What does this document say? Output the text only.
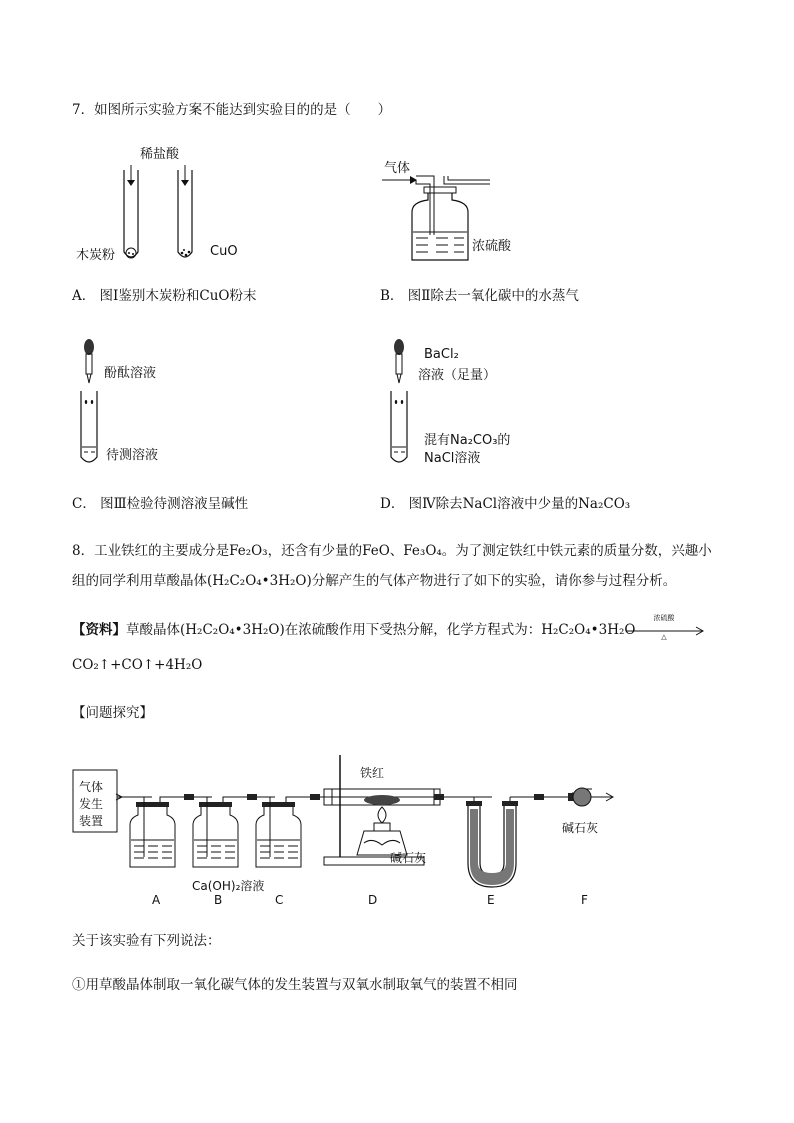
7．如图所示实验方案不能达到实验目的的是（　　）
稀盐酸
木炭粉	CuO
气体
浓硫酸
A． 图Ⅰ鉴别木炭粉和CuO粉末	B． 图Ⅱ除去一氧化碳中的水蒸气
酚酞溶液
待测溶液
BaCl₂
溶液（足量）
混有Na₂CO₃的
NaCl溶液
C． 图Ⅲ检验待测溶液呈碱性	D． 图Ⅳ除去NaCl溶液中少量的Na₂CO₃
8．工业铁红的主要成分是Fe₂O₃，还含有少量的FeO、Fe₃O₄。为了测定铁红中铁元素的质量分数，兴趣小
组的同学利用草酸晶体(H₂C₂O₄•3H₂O)分解产生的气体产物进行了如下的实验，请你参与过程分析。
【资料】草酸晶体(H₂C₂O₄•3H₂O)在浓硫酸作用下受热分解，化学方程式为：H₂C₂O₄•3H₂O
浓硫酸
△
CO₂↑+CO↑+4H₂O
【问题探究】
气体
发生
装置
铁红
Ca(OH)₂溶液
碱石灰
碱石灰
A	B	C	D	E	F
关于该实验有下列说法：
①用草酸晶体制取一氧化碳气体的发生装置与双氧水制取氧气的装置不相同
